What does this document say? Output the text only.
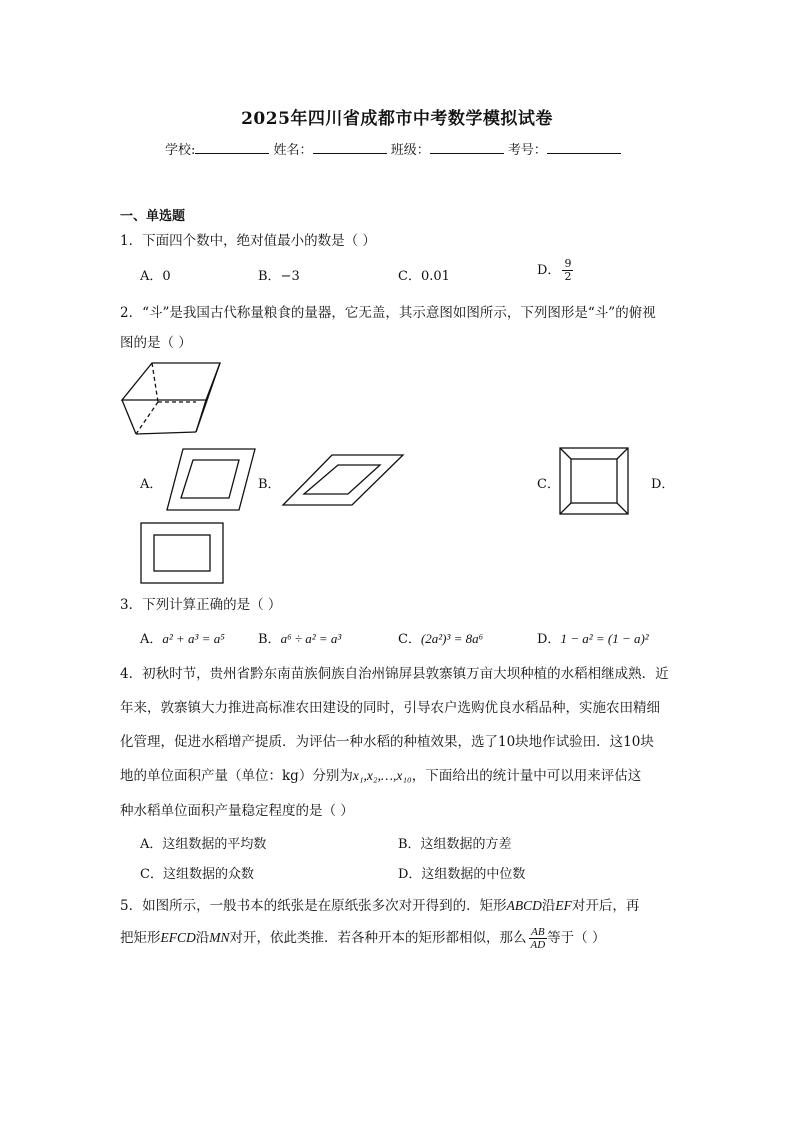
2025年四川省成都市中考数学模拟试卷
学校:	姓名：	班级：	考号：
一、单选题
1．下面四个数中，绝对值最小的数是（ ）
A．0	B．−3	C．0.01	D． $\frac{9}{2}$
2．“斗”是我国古代称量粮食的量器，它无盖，其示意图如图所示，下列图形是“斗”的俯视
图的是（ ）
A．	B．	C．	D．
3．下列计算正确的是（ ）
A．a² + a³ = a⁵	B．a⁶ ÷ a² = a³	C．(2a²)³ = 8a⁶	D．1 − a² = (1 − a)²
4．初秋时节，贵州省黔东南苗族侗族自治州锦屏县敦寨镇万亩大坝种植的水稻相继成熟．近
年来，敦寨镇大力推进高标准农田建设的同时，引导农户选购优良水稻品种，实施农田精细
化管理，促进水稻增产提质．为评估一种水稻的种植效果，选了10块地作试验田．这10块
地的单位面积产量（单位：kg）分别为x₁,x₂,…,x₁₀，下面给出的统计量中可以用来评估这
种水稻单位面积产量稳定程度的是（ ）
A．这组数据的平均数	B．这组数据的方差
C．这组数据的众数	D．这组数据的中位数
5．如图所示，一般书本的纸张是在原纸张多次对开得到的．矩形ABCD沿EF对开后，再
把矩形EFCD沿MN对开，依此类推．若各种开本的矩形都相似，那么 $\frac{AB}{AD}$ 等于（ ）
